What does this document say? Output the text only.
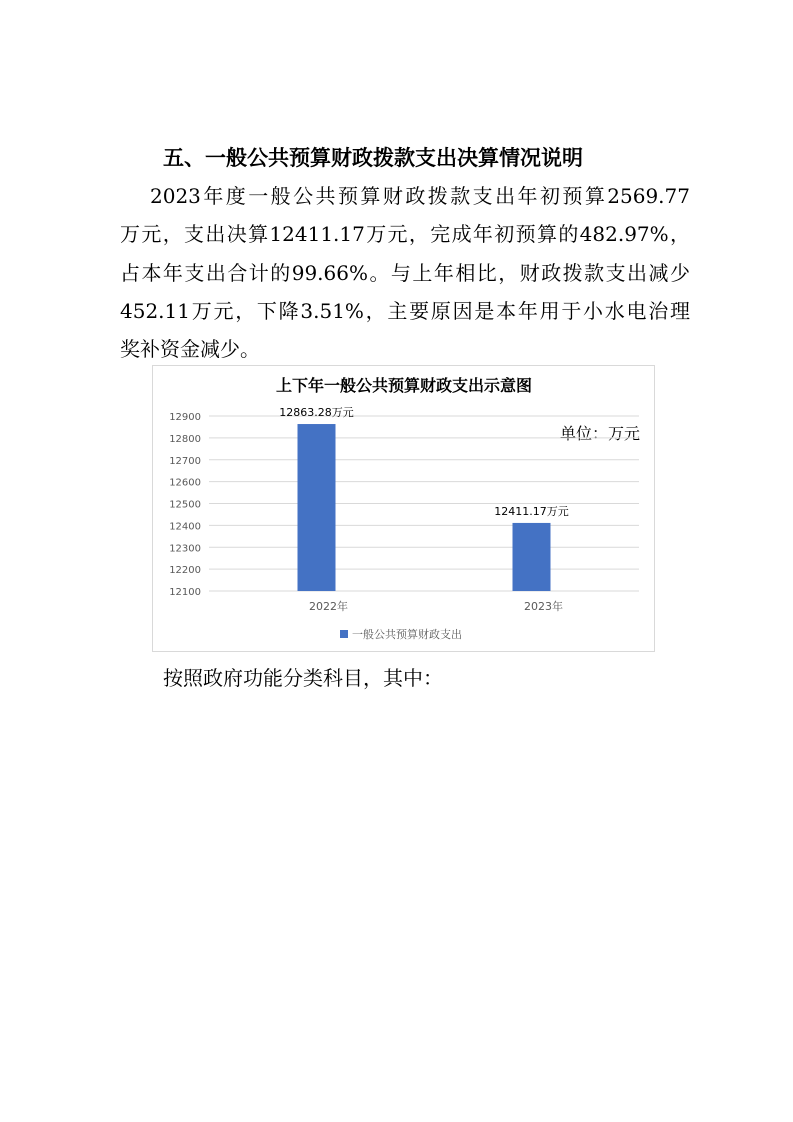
五、一般公共预算财政拨款支出决算情况说明
2023年度一般公共预算财政拨款支出年初预算2569.77
万元，支出决算12411.17万元，完成年初预算的482.97%，
占本年支出合计的99.66%。与上年相比，财政拨款支出减少
452.11万元，下降3.51%，主要原因是本年用于小水电治理
奖补资金减少。
上下年一般公共预算财政支出示意图
单位：万元
12900
12800
12700
12600
12500
12400
12300
12200
12100
12863.28万元
12411.17万元
2022年	2023年
一般公共预算财政支出
按照政府功能分类科目，其中：
